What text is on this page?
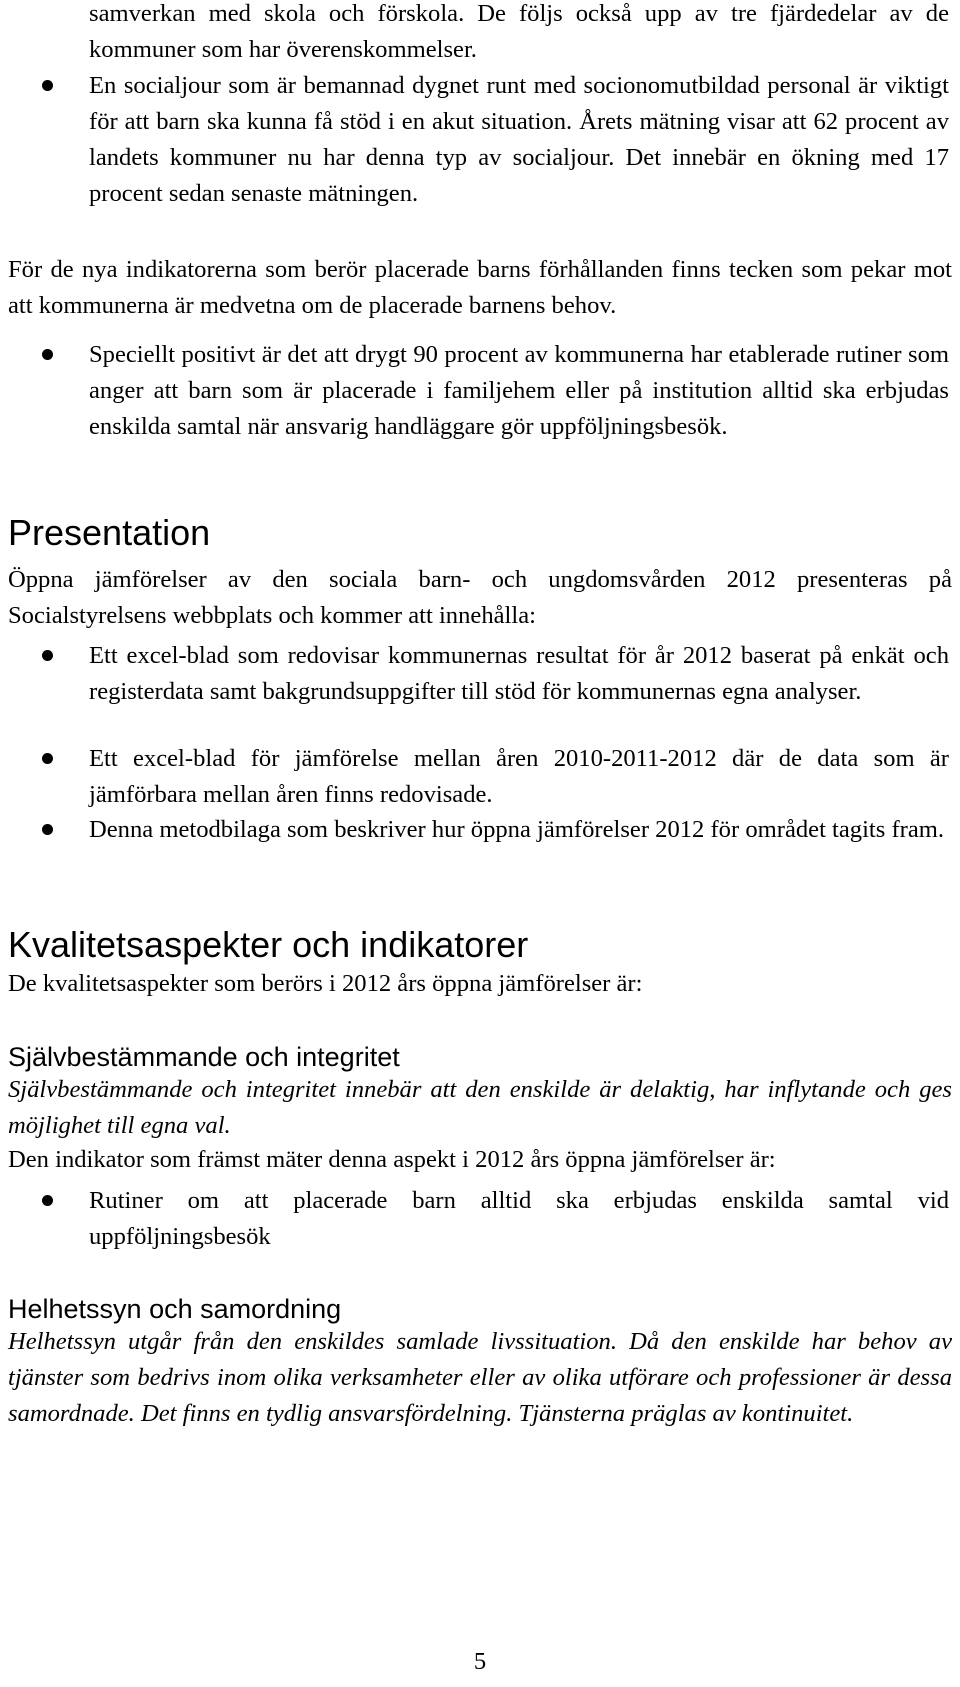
samverkan med skola och förskola. De följs också upp av tre fjärdedelar av de kommuner som har överenskommelser.
En socialjour som är bemannad dygnet runt med socionomutbildad personal är viktigt för att barn ska kunna få stöd i en akut situation. Årets mätning visar att 62 procent av landets kommuner nu har denna typ av socialjour. Det innebär en ökning med 17 procent sedan senaste mätningen.
För de nya indikatorerna som berör placerade barns förhållanden finns tecken som pekar mot att kommunerna är medvetna om de placerade barnens behov.
Speciellt positivt är det att drygt 90 procent av kommunerna har etablerade rutiner som anger att barn som är placerade i familjehem eller på institution alltid ska erbjudas enskilda samtal när ansvarig handläggare gör uppföljningsbesök.
Presentation
Öppna jämförelser av den sociala barn- och ungdomsvården 2012 presenteras på Socialstyrelsens webbplats och kommer att innehålla:
Ett excel-blad som redovisar kommunernas resultat för år 2012 baserat på enkät och registerdata samt bakgrundsuppgifter till stöd för kommunernas egna analyser.
Ett excel-blad för jämförelse mellan åren 2010-2011-2012 där de data som är jämförbara mellan åren finns redovisade.
Denna metodbilaga som beskriver hur öppna jämförelser 2012 för området tagits fram.
Kvalitetsaspekter och indikatorer
De kvalitetsaspekter som berörs i 2012 års öppna jämförelser är:
Självbestämmande och integritet
Självbestämmande och integritet innebär att den enskilde är delaktig, har inflytande och ges möjlighet till egna val.
Den indikator som främst mäter denna aspekt i 2012 års öppna jämförelser är:
Rutiner om att placerade barn alltid ska erbjudas enskilda samtal vid uppföljningsbesök
Helhetssyn och samordning
Helhetssyn utgår från den enskildes samlade livssituation. Då den enskilde har behov av tjänster som bedrivs inom olika verksamheter eller av olika utförare och professioner är dessa samordnade. Det finns en tydlig ansvarsfördelning. Tjänsterna präglas av kontinuitet.
5
